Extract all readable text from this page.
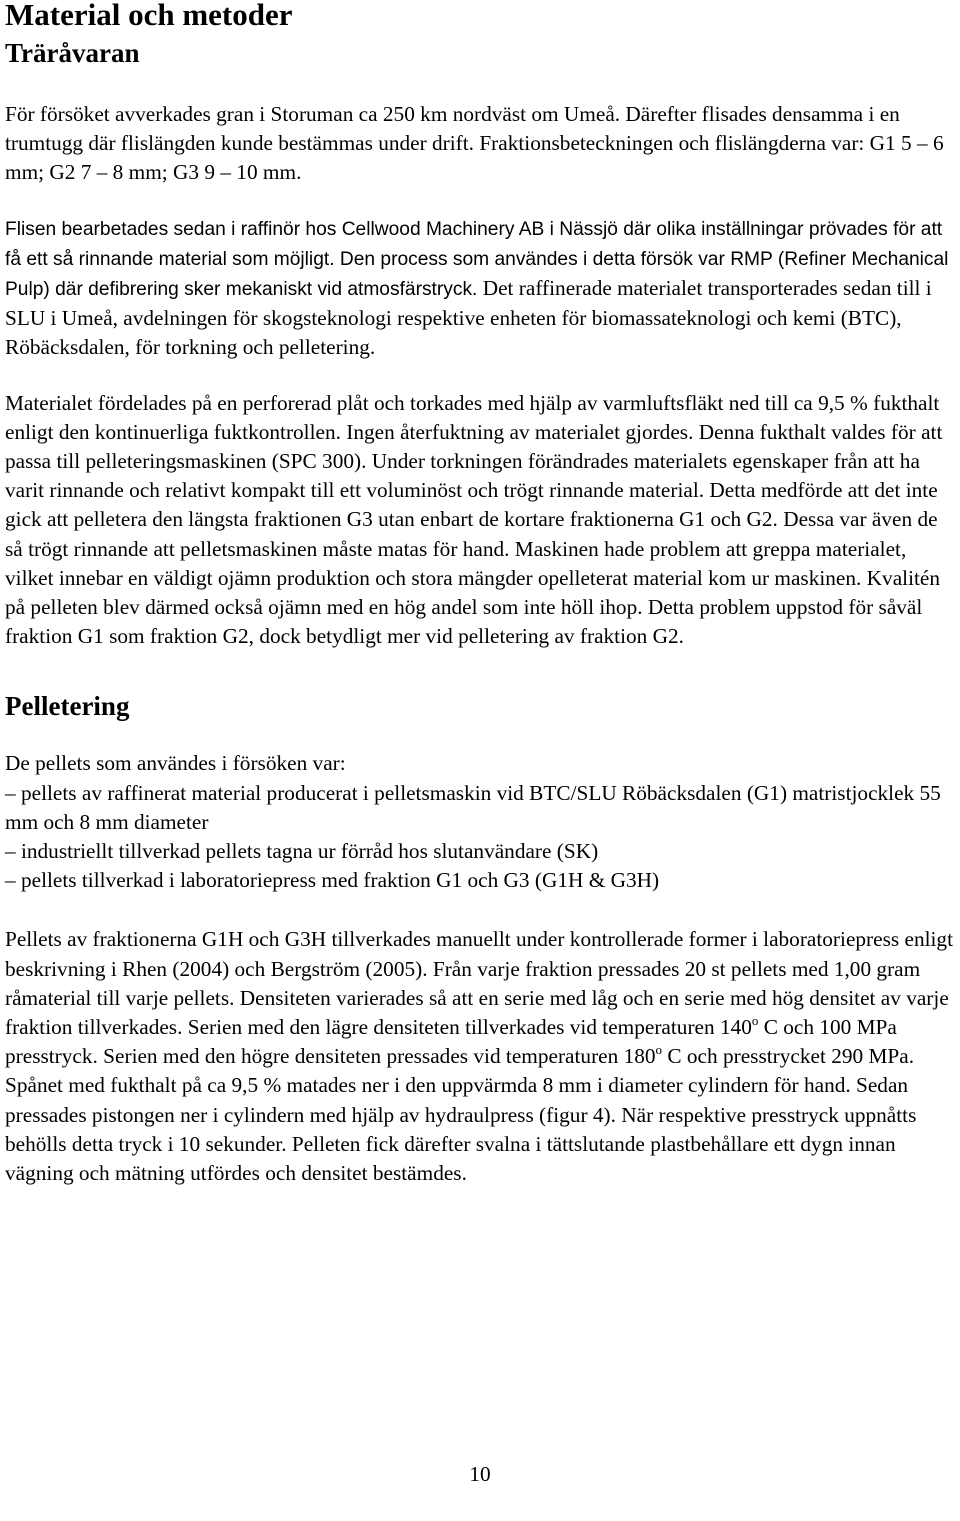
Material och metoder
Träråvaran

För försöket avverkades gran i Storuman ca 250 km nordväst om Umeå. Därefter flisades densamma i en trumtugg där flislängden kunde bestämmas under drift. Fraktionsbeteckningen och flislängderna var: G1 5 – 6 mm; G2 7 – 8 mm; G3 9 – 10 mm.

Flisen bearbetades sedan i raffinör hos Cellwood Machinery AB i Nässjö där olika inställningar prövades för att få ett så rinnande material som möjligt. Den process som användes i detta försök var RMP (Refiner Mechanical Pulp) där defibrering sker mekaniskt vid atmosfärstryck. Det raffinerade materialet transporterades sedan till i SLU i Umeå, avdelningen för skogsteknologi respektive enheten för biomassateknologi och kemi (BTC), Röbäcksdalen, för torkning och pelletering.

Materialet fördelades på en perforerad plåt och torkades med hjälp av varmluftsfläkt ned till ca 9,5 % fukthalt enligt den kontinuerliga fuktkontrollen. Ingen återfuktning av materialet gjordes. Denna fukthalt valdes för att passa till pelleteringsmaskinen (SPC 300). Under torkningen förändrades materialets egenskaper från att ha varit rinnande och relativt kompakt till ett voluminöst och trögt rinnande material. Detta medförde att det inte gick att pelletera den längsta fraktionen G3 utan enbart de kortare fraktionerna G1 och G2. Dessa var även de så trögt rinnande att pelletsmaskinen måste matas för hand. Maskinen hade problem att greppa materialet, vilket innebar en väldigt ojämn produktion och stora mängder opelleterat material kom ur maskinen. Kvalitén på pelleten blev därmed också ojämn med en hög andel som inte höll ihop. Detta problem uppstod för såväl fraktion G1 som fraktion G2, dock betydligt mer vid pelletering av fraktion G2.

Pelletering

De pellets som användes i försöken var:

– pellets av raffinerat material producerat i pelletsmaskin vid BTC/SLU Röbäcksdalen (G1) matristjocklek 55 mm och 8 mm diameter

– industriellt tillverkad pellets tagna ur förråd hos slutanvändare (SK)

– pellets tillverkad i laboratoriepress med fraktion G1 och G3 (G1H & G3H)

Pellets av fraktionerna G1H och G3H tillverkades manuellt under kontrollerade former i laboratoriepress enligt beskrivning i Rhen (2004) och Bergström (2005). Från varje fraktion pressades 20 st pellets med 1,00 gram råmaterial till varje pellets. Densiteten varierades så att en serie med låg och en serie med hög densitet av varje fraktion tillverkades. Serien med den lägre densiteten tillverkades vid temperaturen 140$^o$ C och 100 MPa presstryck. Serien med den högre densiteten pressades vid temperaturen 180$^o$ C och presstrycket 290 MPa. Spånet med fukthalt på ca 9,5 % matades ner i den uppvärmda 8 mm i diameter cylindern för hand. Sedan pressades pistongen ner i cylindern med hjälp av hydraulpress (figur 4). När respektive presstryck uppnåtts behölls detta tryck i 10 sekunder. Pelleten fick därefter svalna i tättslutande plastbehållare ett dygn innan vägning och mätning utfördes och densitet bestämdes.

10
